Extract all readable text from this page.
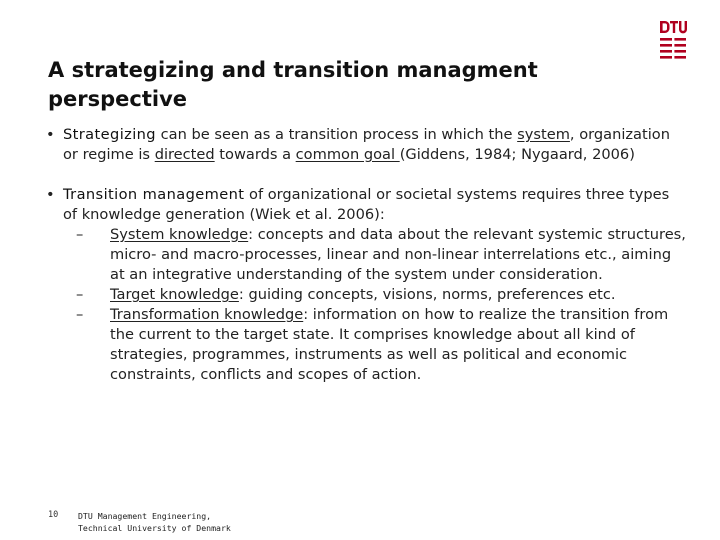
A strategizing and transition managment perspective
• Strategizing can be seen as a transition process in which the system, organization or regime is directed towards a common goal (Giddens, 1984; Nygaard, 2006)
• Transition management of organizational or societal systems requires three types of knowledge generation (Wiek et al. 2006):
– System knowledge: concepts and data about the relevant systemic structures, micro- and macro-processes, linear and non-linear interrelations etc., aiming at an integrative understanding of the system under consideration.
– Target knowledge: guiding concepts, visions, norms, preferences etc.
– Transformation knowledge: information on how to realize the transition from the current to the target state. It comprises knowledge about all kind of strategies, programmes, instruments as well as political and economic constraints, conflicts and scopes of action.
10 DTU Management Engineering,
Technical University of Denmark
